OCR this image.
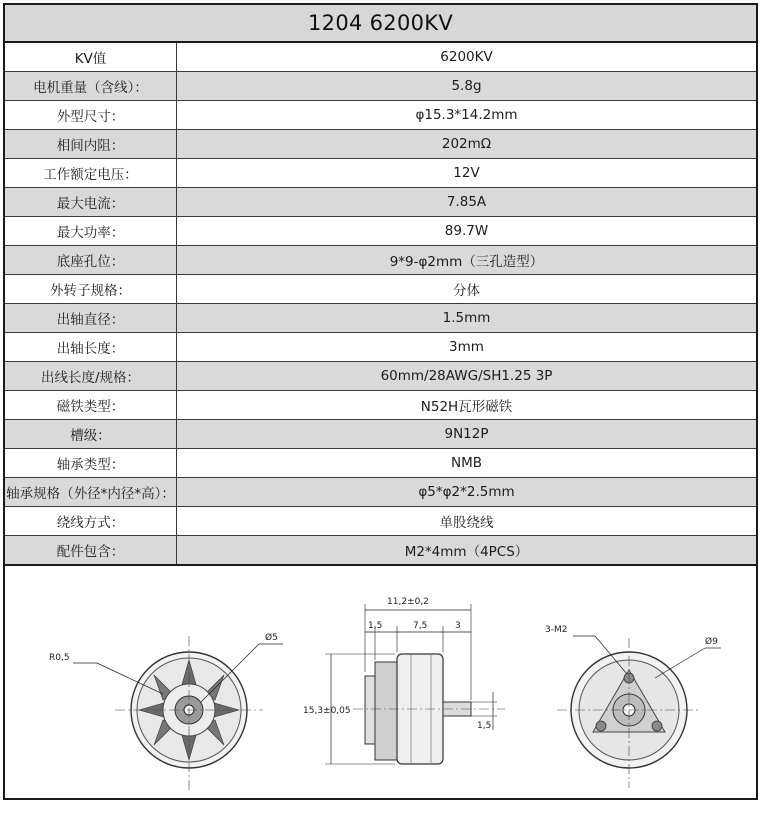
1204 6200KV
KV值	6200KV
电机重量（含线）：	5.8g
外型尺寸：	φ15.3*14.2mm
相间内阻：	202mΩ
工作额定电压：	12V
最大电流：	7.85A
最大功率：	89.7W
底座孔位：	9*9-φ2mm（三孔造型）
外转子规格：	分体
出轴直径：	1.5mm
出轴长度：	3mm
出线长度/规格：	60mm/28AWG/SH1.25 3P
磁铁类型：	N52H瓦形磁铁
槽级：	9N12P
轴承类型：	NMB
轴承规格（外径*内径*高）：	φ5*φ2*2.5mm
绕线方式：	单股绕线
配件包含：	M2*4mm（4PCS）
R0,5
Ø5
11,2±0,2
1,5	7,5	3
15,3±0,05
1,5
3-M2
Ø9
